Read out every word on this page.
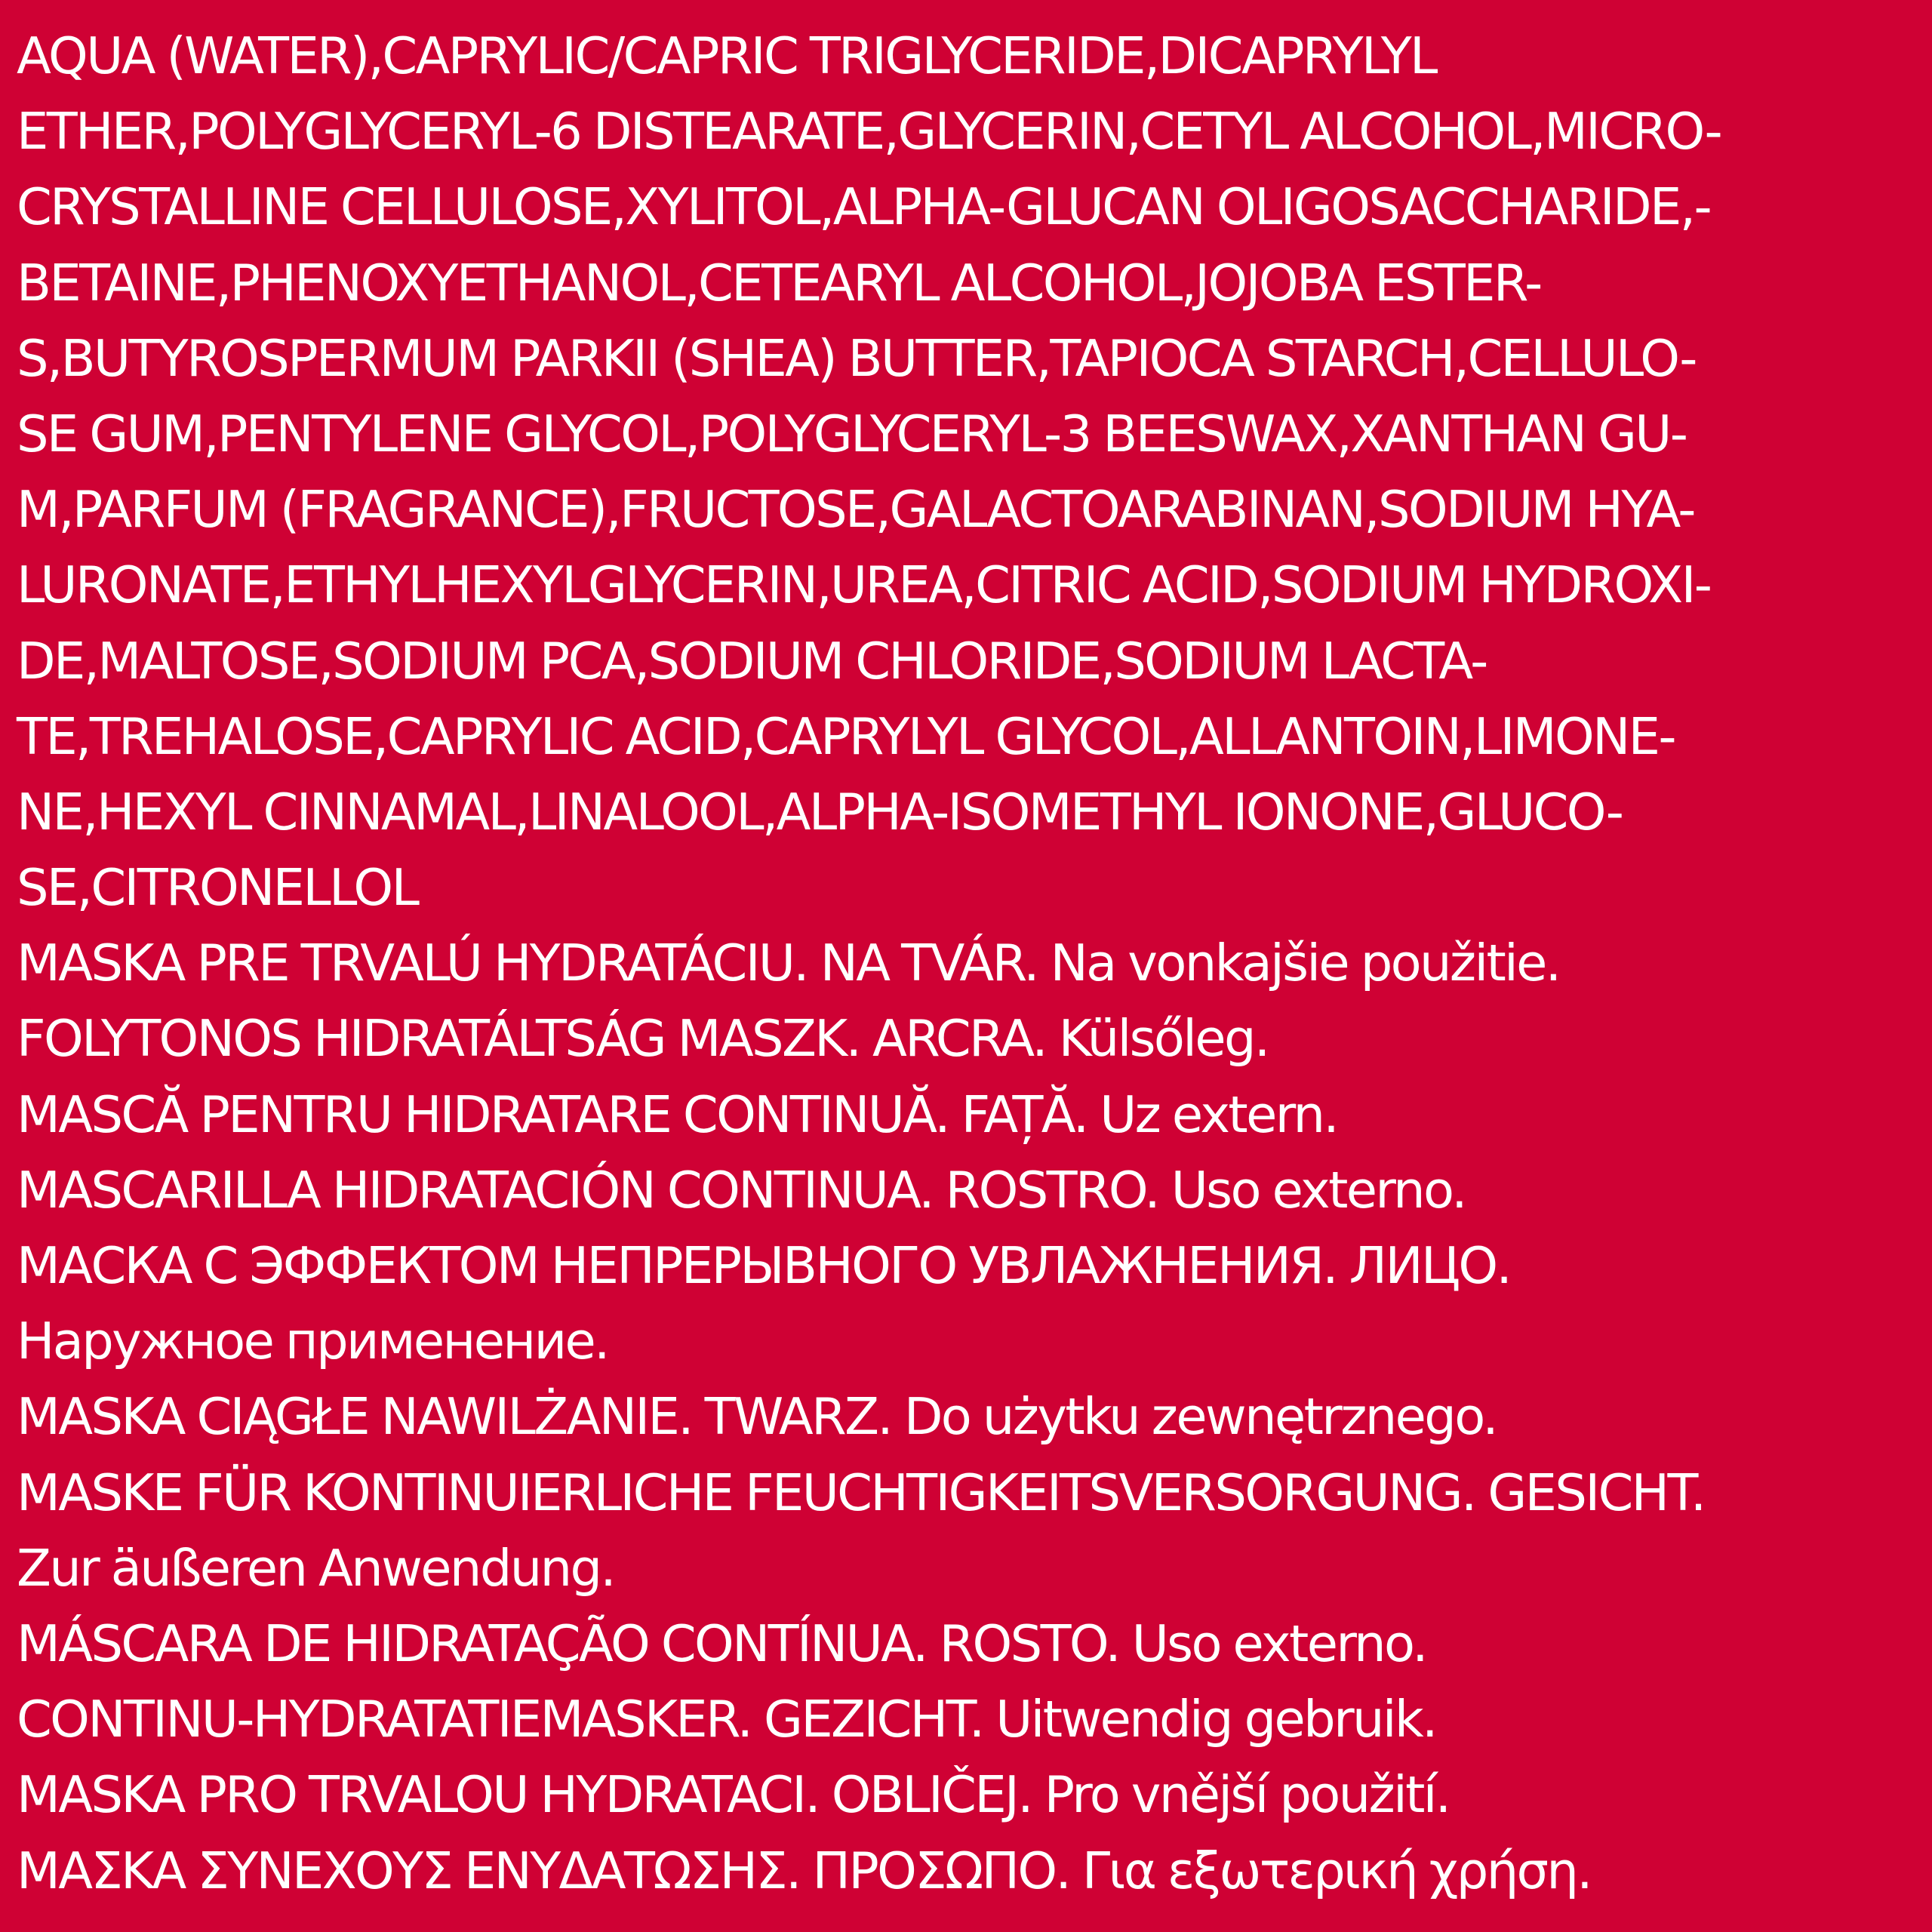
AQUA (WATER),CAPRYLIC/CAPRIC TRIGLYCERIDE,DICAPRYLYL
ETHER,POLYGLYCERYL-6 DISTEARATE,GLYCERIN,CETYL ALCOHOL,MICRO-
CRYSTALLINE CELLULOSE,XYLITOL,ALPHA-GLUCAN OLIGOSACCHARIDE,-
BETAINE,PHENOXYETHANOL,CETEARYL ALCOHOL,JOJOBA ESTER-
S,BUTYROSPERMUM PARKII (SHEA) BUTTER,TAPIOCA STARCH,CELLULO-
SE GUM,PENTYLENE GLYCOL,POLYGLYCERYL-3 BEESWAX,XANTHAN GU-
M,PARFUM (FRAGRANCE),FRUCTOSE,GALACTOARABINAN,SODIUM HYA-
LURONATE,ETHYLHEXYLGLYCERIN,UREA,CITRIC ACID,SODIUM HYDROXI-
DE,MALTOSE,SODIUM PCA,SODIUM CHLORIDE,SODIUM LACTA-
TE,TREHALOSE,CAPRYLIC ACID,CAPRYLYL GLYCOL,ALLANTOIN,LIMONE-
NE,HEXYL CINNAMAL,LINALOOL,ALPHA-ISOMETHYL IONONE,GLUCO-
SE,CITRONELLOL
MASKA PRE TRVALÚ HYDRATÁCIU. NA TVÁR. Na vonkajšie použitie.
FOLYTONOS HIDRATÁLTSÁG MASZK. ARCRA. Külsőleg.
MASCĂ PENTRU HIDRATARE CONTINUĂ. FAȚĂ. Uz extern.
MASCARILLA HIDRATACIÓN CONTINUA. ROSTRO. Uso externo.
МАСКА С ЭФФЕКТОМ НЕПРЕРЫВНОГО УВЛАЖНЕНИЯ. ЛИЦО.
Наружное применение.
MASKA CIĄGŁE NAWILŻANIE. TWARZ. Do użytku zewnętrznego.
MASKE FÜR KONTINUIERLICHE FEUCHTIGKEITSVERSORGUNG. GESICHT.
Zur äußeren Anwendung.
MÁSCARA DE HIDRATAÇÃO CONTÍNUA. ROSTO. Uso externo.
CONTINU-HYDRATATIEMASKER. GEZICHT. Uitwendig gebruik.
MASKA PRO TRVALOU HYDRATACI. OBLIČEJ. Pro vnější použití.
ΜΑΣΚΑ ΣΥΝΕΧΟΥΣ ΕΝΥΔΑΤΩΣΗΣ. ΠΡΟΣΩΠΟ. Για εξωτερική χρήση.
